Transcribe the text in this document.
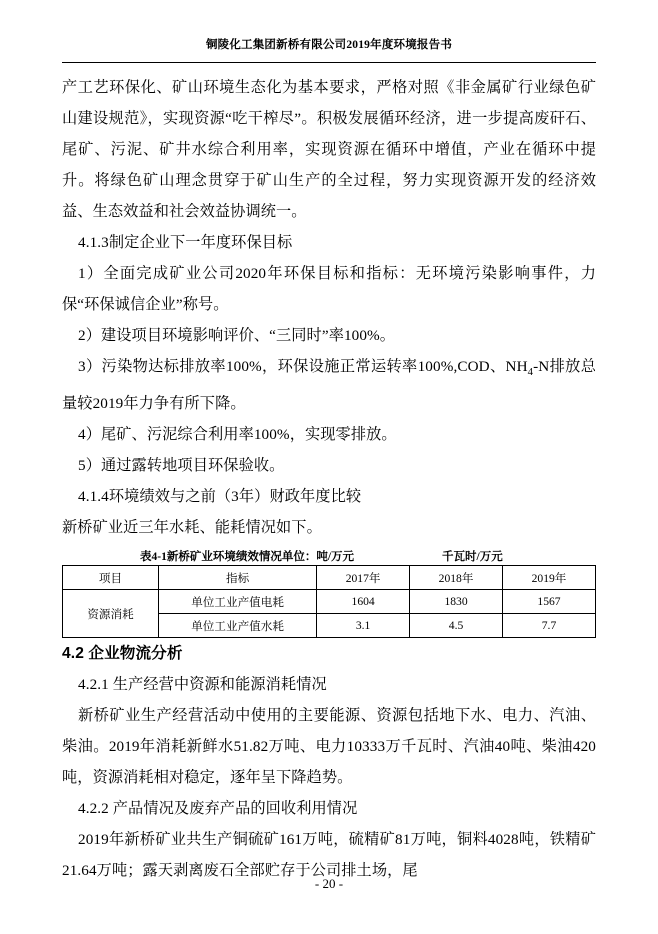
铜陵化工集团新桥有限公司2019年度环境报告书

产工艺环保化、矿山环境生态化为基本要求，严格对照《非金属矿行业绿色矿山建设规范》，实现资源“吃干榨尽”。积极发展循环经济，进一步提高废矸石、尾矿、污泥、矿井水综合利用率，实现资源在循环中增值，产业在循环中提升。将绿色矿山理念贯穿于矿山生产的全过程，努力实现资源开发的经济效益、生态效益和社会效益协调统一。

4.1.3制定企业下一年度环保目标

1）全面完成矿业公司2020年环保目标和指标：无环境污染影响事件，力保“环保诚信企业”称号。

2）建设项目环境影响评价、“三同时”率100%。

3）污染物达标排放率100%，环保设施正常运转率100%,COD、$NH_4-N$排放总量较2019年力争有所下降。

4）尾矿、污泥综合利用率100%，实现零排放。

5）通过露转地项目环保验收。

4.1.4环境绩效与之前（3年）财政年度比较

新桥矿业近三年水耗、能耗情况如下。

表4-1新桥矿业环境绩效情况单位：吨/万元	千瓦时/万元
项目	指标	2017年	2018年	2019年
资源消耗	单位工业产值电耗	1604	1830	1567
	单位工业产值水耗	3.1	4.5	7.7

4.2 企业物流分析

4.2.1 生产经营中资源和能源消耗情况

新桥矿业生产经营活动中使用的主要能源、资源包括地下水、电力、汽油、柴油。2019年消耗新鲜水51.82万吨、电力10333万千瓦时、汽油40吨、柴油420吨，资源消耗相对稳定，逐年呈下降趋势。

4.2.2 产品情况及废弃产品的回收利用情况

2019年新桥矿业共生产铜硫矿161万吨，硫精矿81万吨，铜料4028吨，铁精矿21.64万吨；露天剥离废石全部贮存于公司排土场，尾

- 20 -
